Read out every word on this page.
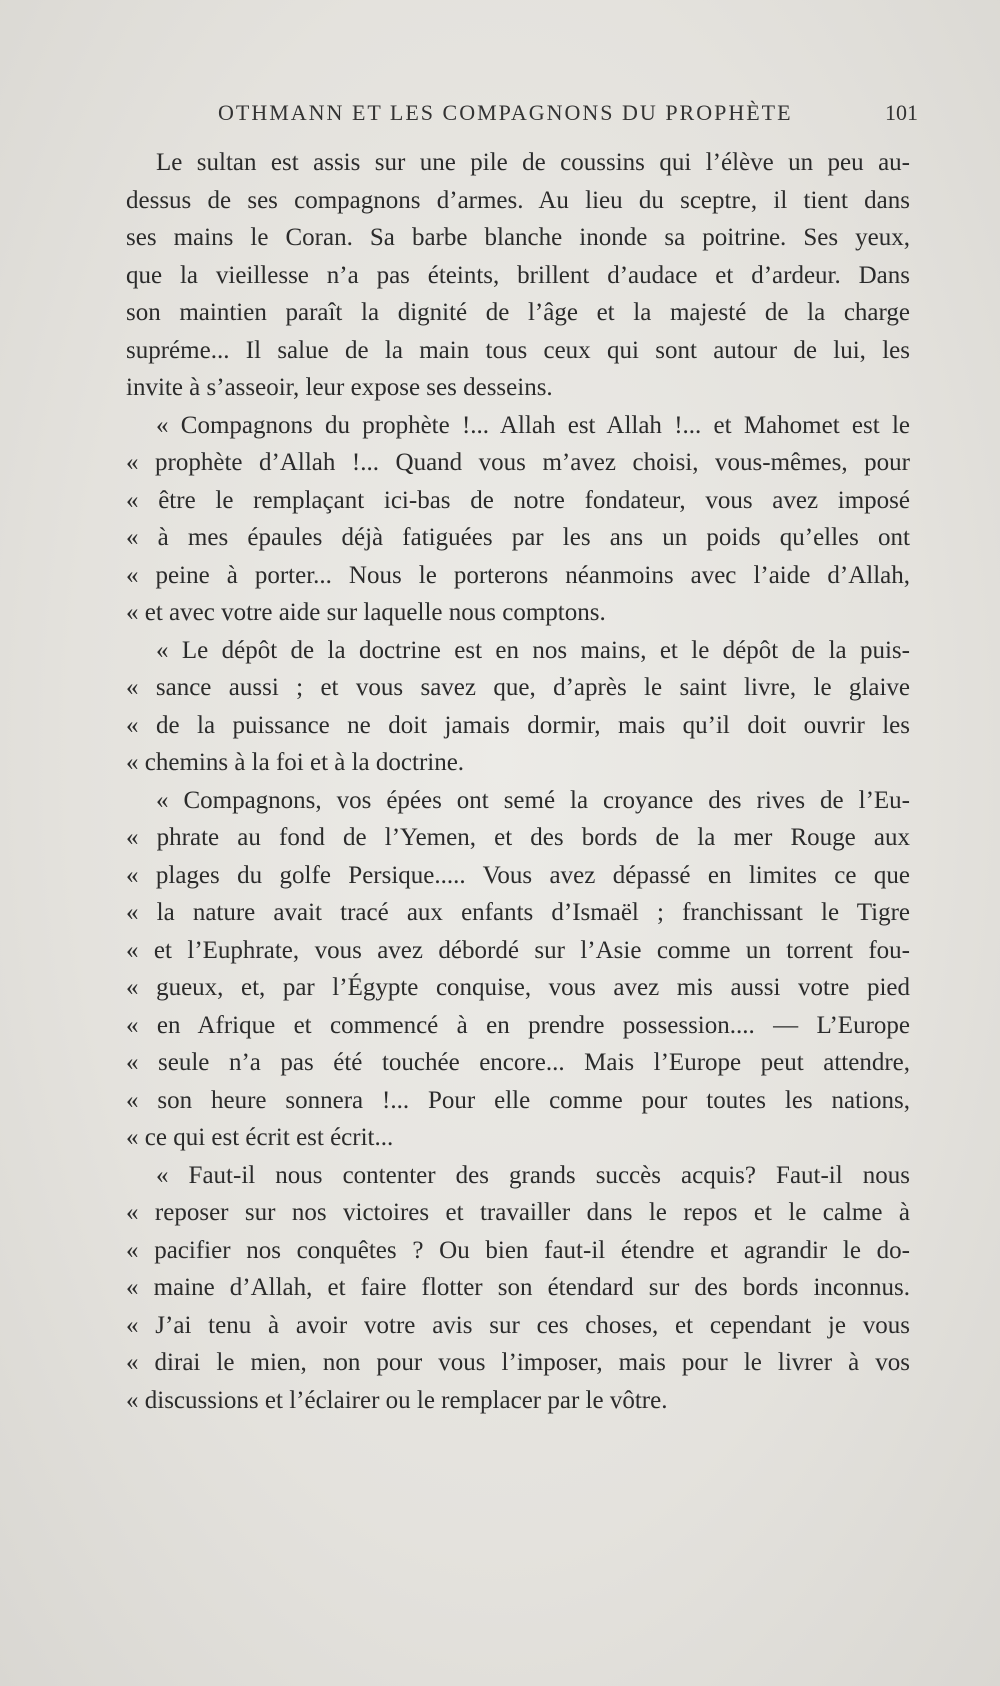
OTHMANN ET LES COMPAGNONS DU PROPHÈTE	101
Le sultan est assis sur une pile de coussins qui l’élève un peu au-
dessus de ses compagnons d’armes. Au lieu du sceptre, il tient dans
ses mains le Coran. Sa barbe blanche inonde sa poitrine. Ses yeux,
que la vieillesse n’a pas éteints, brillent d’audace et d’ardeur. Dans
son maintien paraît la dignité de l’âge et la majesté de la charge
supréme... Il salue de la main tous ceux qui sont autour de lui, les
invite à s’asseoir, leur expose ses desseins.
« Compagnons du prophète !... Allah est Allah !... et Mahomet est le
« prophète d’Allah !... Quand vous m’avez choisi, vous-mêmes, pour
« être le remplaçant ici-bas de notre fondateur, vous avez imposé
« à mes épaules déjà fatiguées par les ans un poids qu’elles ont
« peine à porter... Nous le porterons néanmoins avec l’aide d’Allah,
« et avec votre aide sur laquelle nous comptons.
« Le dépôt de la doctrine est en nos mains, et le dépôt de la puis-
« sance aussi ; et vous savez que, d’après le saint livre, le glaive
« de la puissance ne doit jamais dormir, mais qu’il doit ouvrir les
« chemins à la foi et à la doctrine.
« Compagnons, vos épées ont semé la croyance des rives de l’Eu-
« phrate au fond de l’Yemen, et des bords de la mer Rouge aux
« plages du golfe Persique..... Vous avez dépassé en limites ce que
« la nature avait tracé aux enfants d’Ismaël ; franchissant le Tigre
« et l’Euphrate, vous avez débordé sur l’Asie comme un torrent fou-
« gueux, et, par l’Égypte conquise, vous avez mis aussi votre pied
« en Afrique et commencé à en prendre possession.... — L’Europe
« seule n’a pas été touchée encore... Mais l’Europe peut attendre,
« son heure sonnera !... Pour elle comme pour toutes les nations,
« ce qui est écrit est écrit...
« Faut-il nous contenter des grands succès acquis? Faut-il nous
« reposer sur nos victoires et travailler dans le repos et le calme à
« pacifier nos conquêtes ? Ou bien faut-il étendre et agrandir le do-
« maine d’Allah, et faire flotter son étendard sur des bords inconnus.
« J’ai tenu à avoir votre avis sur ces choses, et cependant je vous
« dirai le mien, non pour vous l’imposer, mais pour le livrer à vos
« discussions et l’éclairer ou le remplacer par le vôtre.
